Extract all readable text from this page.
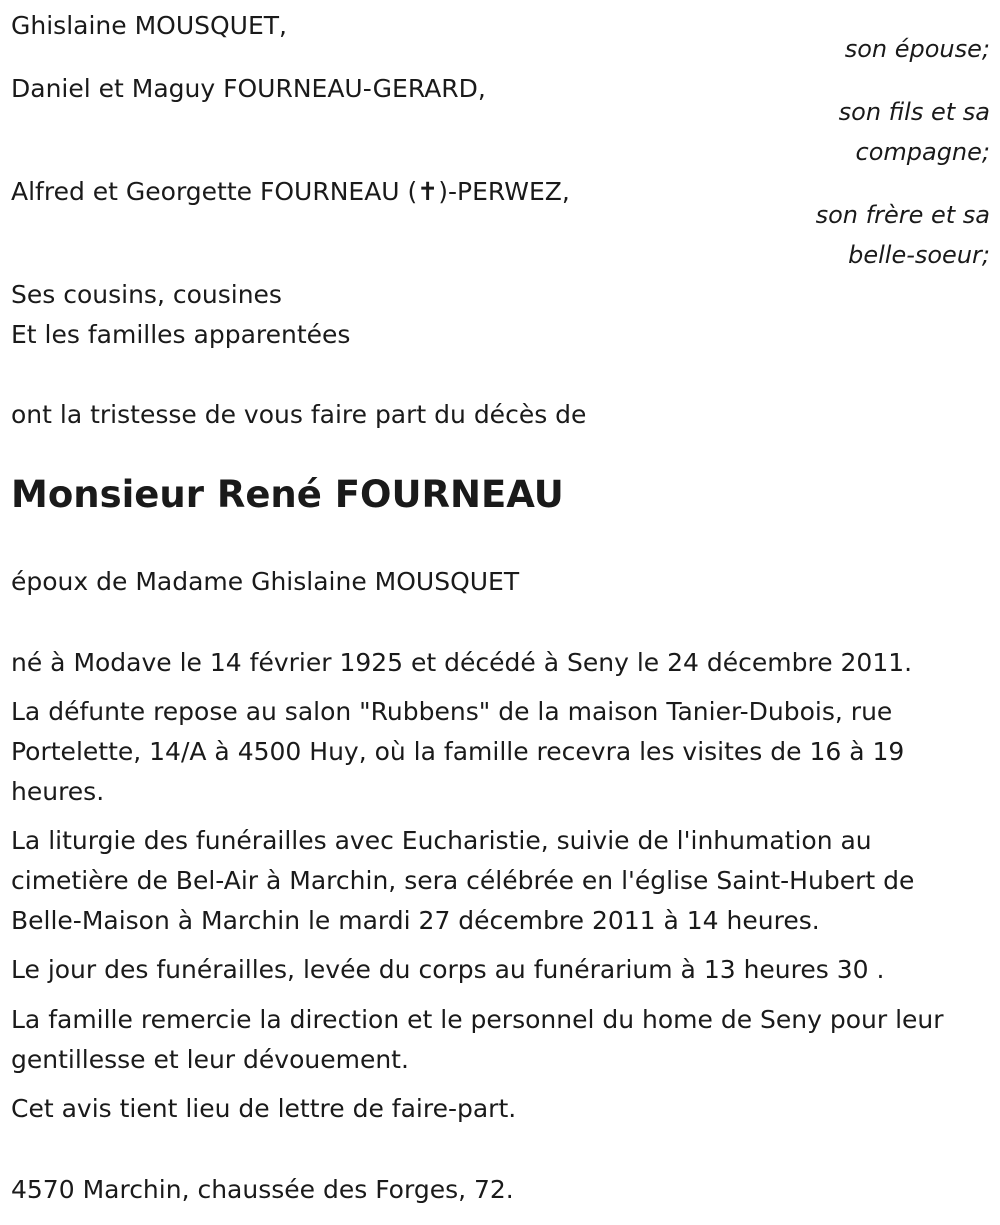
Ghislaine MOUSQUET,
son épouse;
Daniel et Maguy FOURNEAU-GERARD,
son fils et sa
compagne;
Alfred et Georgette FOURNEAU (✝)-PERWEZ,
son frère et sa
belle-soeur;
Ses cousins, cousines
Et les familles apparentées
ont la tristesse de vous faire part du décès de
Monsieur René FOURNEAU
époux de Madame Ghislaine MOUSQUET
né à Modave le 14 février 1925 et décédé à Seny le 24 décembre 2011.
La défunte repose au salon "Rubbens" de la maison Tanier-Dubois, rue Portelette, 14/A à 4500 Huy, où la famille recevra les visites de 16 à 19 heures.
La liturgie des funérailles avec Eucharistie, suivie de l'inhumation au cimetière de Bel-Air à Marchin, sera célébrée en l'église Saint-Hubert de Belle-Maison à Marchin le mardi 27 décembre 2011 à 14 heures.
Le jour des funérailles, levée du corps au funérarium à 13 heures 30 .
La famille remercie la direction et le personnel du home de Seny pour leur gentillesse et leur dévouement.
Cet avis tient lieu de lettre de faire-part.
4570 Marchin, chaussée des Forges, 72.
